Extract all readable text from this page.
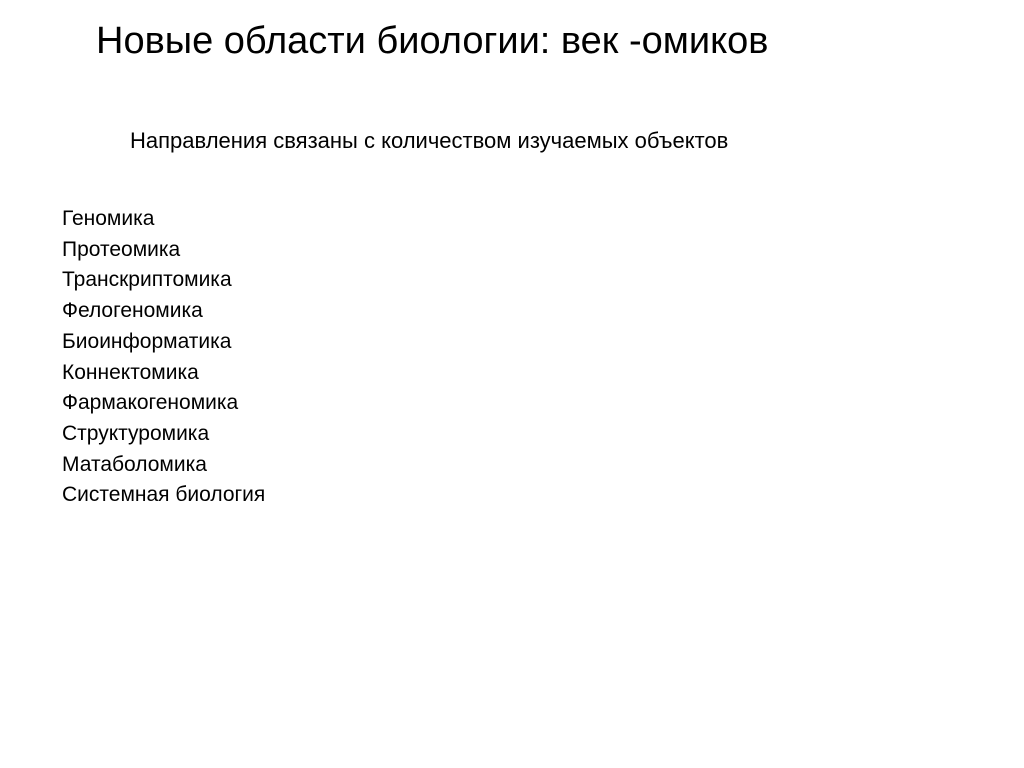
Новые области биологии: век -омиков

Направления связаны с количеством изучаемых объектов

Геномика
Протеомика
Транскриптомика
Фелогеномика
Биоинформатика
Коннектомика
Фармакогеномика
Структуромика
Матаболомика
Системная биология
